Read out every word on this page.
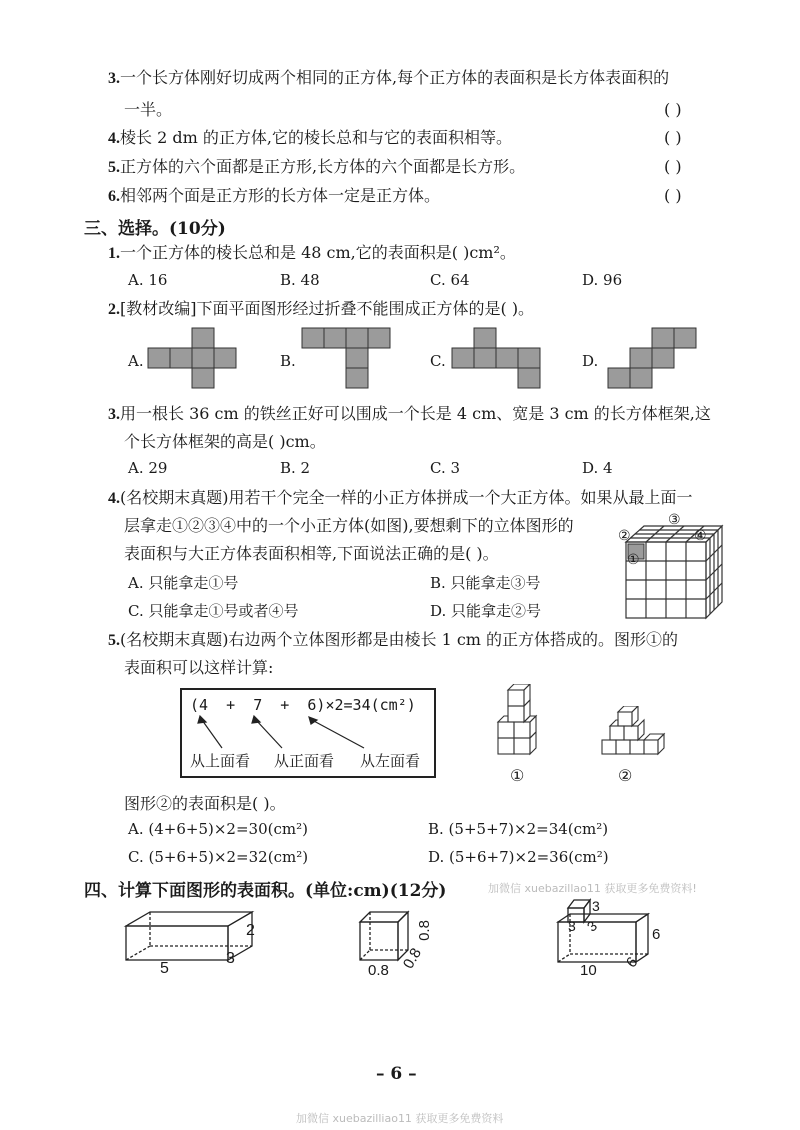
3.一个长方体刚好切成两个相同的正方体,每个正方体的表面积是长方体表面积的
一半。	( )
4.棱长 2 dm 的正方体,它的棱长总和与它的表面积相等。	( )
5.正方体的六个面都是正方形,长方体的六个面都是长方形。	( )
6.相邻两个面是正方形的长方体一定是正方体。	( )
三、选择。(10分)
1.一个正方体的棱长总和是 48 cm,它的表面积是( )cm²。
A. 16	B. 48	C. 64	D. 96
2.[教材改编]下面平面图形经过折叠不能围成正方体的是( )。
A.	B.	C.	D.
3.用一根长 36 cm 的铁丝正好可以围成一个长是 4 cm、宽是 3 cm 的长方体框架,这
个长方体框架的高是( )cm。
A. 29	B. 2	C. 3	D. 4
4.(名校期末真题)用若干个完全一样的小正方体拼成一个大正方体。如果从最上面一
层拿走①②③④中的一个小正方体(如图),要想剩下的立体图形的
表面积与大正方体表面积相等,下面说法正确的是( )。
A. 只能拿走①号	B. 只能拿走③号
C. 只能拿走①号或者④号	D. 只能拿走②号
①
②
③
④
5.(名校期末真题)右边两个立体图形都是由棱长 1 cm 的正方体搭成的。图形①的
表面积可以这样计算:
(4  +  7  +  6)×2=34(cm²)
从上面看 从正面看 从左面看
①	②
图形②的表面积是( )。
A. (4+6+5)×2=30(cm²)	B. (5+5+7)×2=34(cm²)
C. (5+6+5)×2=32(cm²)	D. (5+6+7)×2=36(cm²)
四、计算下面图形的表面积。(单位:cm)(12分)	加微信 xuebazillao11 获取更多免费资料!
5
3
2
0.8 0.8
0.8
3
3 3
10
6
6
– 6 –
加微信 xuebazilliao11 获取更多免费资料
